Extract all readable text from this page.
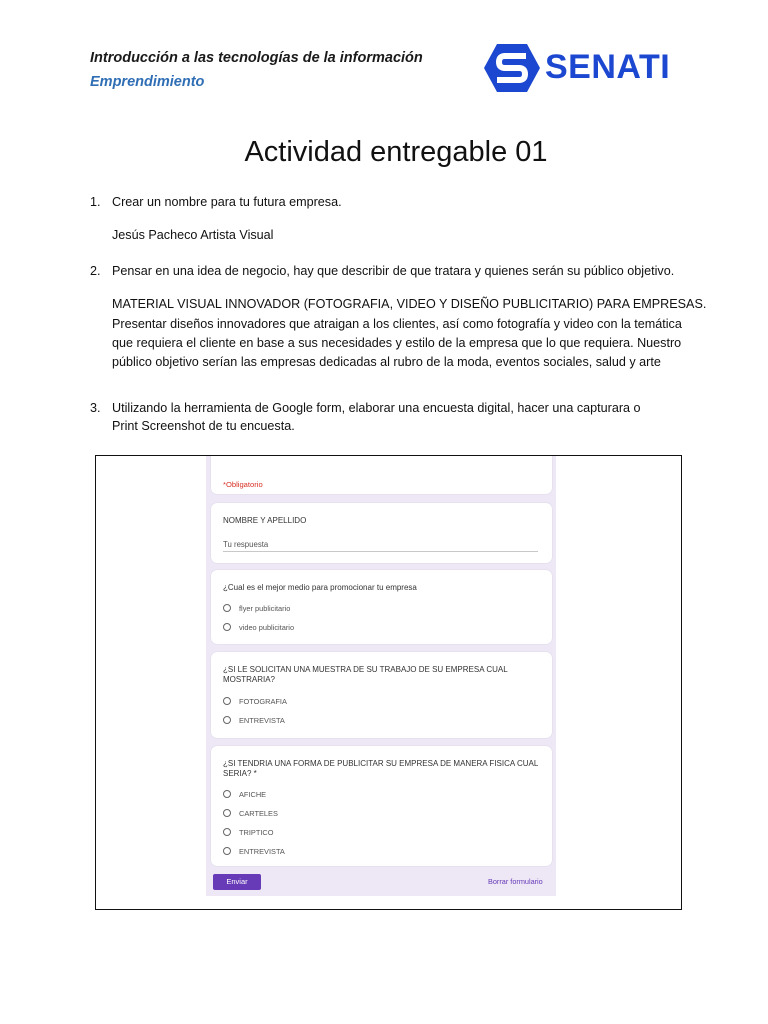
Introducción a las tecnologías de la información
Emprendimiento	SENATI
Actividad entregable 01
1. Crear un nombre para tu futura empresa.
Jesús Pacheco Artista Visual
2. Pensar en una idea de negocio, hay que describir de que tratara y quienes serán su público objetivo.
MATERIAL VISUAL INNOVADOR (FOTOGRAFIA, VIDEO Y DISEÑO PUBLICITARIO) PARA EMPRESAS.
Presentar diseños innovadores que atraigan a los clientes, así como fotografía y video con la temática
que requiera el cliente en base a sus necesidades y estilo de la empresa que lo que requiera. Nuestro
público objetivo serían las empresas dedicadas al rubro de la moda, eventos sociales, salud y arte
3. Utilizando la herramienta de Google form, elaborar una encuesta digital, hacer una capturara o
Print Screenshot de tu encuesta.
*Obligatorio
NOMBRE Y APELLIDO
Tu respuesta
¿Cual es el mejor medio para promocionar tu empresa
flyer publicitario
video publicitario
¿SI LE SOLICITAN UNA MUESTRA DE SU TRABAJO DE SU EMPRESA CUAL
MOSTRARIA?
FOTOGRAFIA
ENTREVISTA
¿SI TENDRIA UNA FORMA DE PUBLICITAR SU EMPRESA DE MANERA FISICA CUAL
SERIA? *
AFICHE
CARTELES
TRIPTICO
ENTREVISTA
Enviar	Borrar formulario
